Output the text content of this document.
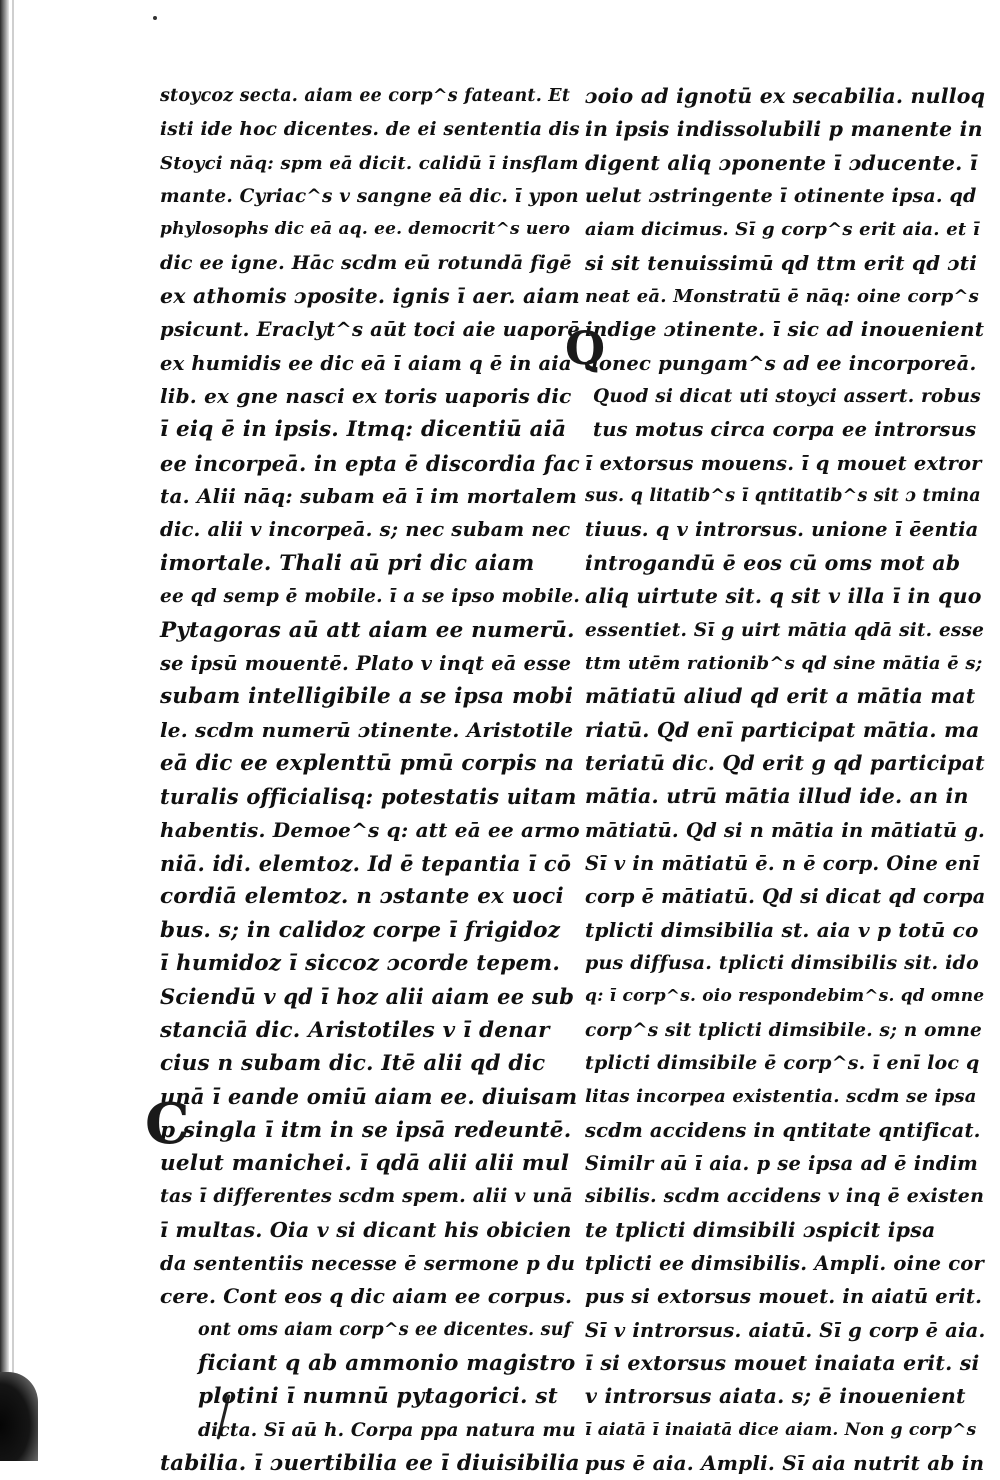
stoycoz secta. aiam ee corp^s fateant. Et
isti ide hoc dicentes. de ei sententia dis
Stoyci nāq: spm eā dicit. calidū ī insflam
mante. Cyriac^s v sangne eā dic. ī ypon
phylosophs dic eā aq. ee. democrit^s uero
dic ee igne. Hāc scdm eū rotundā figē
ex athomis ɔposite. ignis ī aer. aiam
psicunt. Eraclyt^s aūt toci aie uaporē
ex humidis ee dic eā ī aiam q ē in aia
lib. ex gne nasci ex toris uaporis dic
ī eiq ē in ipsis. Itmq: dicentiū aiā
ee incorpeā. in epta ē discordia fac
ta. Alii nāq: subam eā ī im mortalem
dic. alii v incorpeā. s; nec subam nec
imortale. Thali aū pri dic aiam
ee qd semp ē mobile. ī a se ipso mobile.
Pytagoras aū att aiam ee numerū.
se ipsū mouentē. Plato v inqt eā esse
subam intelligibile a se ipsa mobi
le. scdm numerū ɔtinente. Aristotile
eā dic ee explenttū pmū corpis na
turalis officialisq: potestatis uitam
habentis. Demoe^s q: att eā ee armo
niā. idi. elemtoz. Id ē tepantia ī cō
cordiā elemtoz. n ɔstante ex uoci
bus. s; in calidoz corpe ī frigidoz
ī humidoz ī siccoz ɔcorde tepem.
Sciendū v qd ī hoz alii aiam ee sub
stanciā dic. Aristotiles v ī denar
cius n subam dic. Itē alii qd dic
unā ī eande omiū aiam ee. diuisam
p singla ī itm in se ipsā redeuntē.
uelut manichei. ī qdā alii alii mul
tas ī differentes scdm spem. alii v unā
ī multas. Oia v si dicant his obicien
da sententiis necesse ē sermone p du
cere. Cont eos q dic aiam ee corpus.
ont oms aiam corp^s ee dicentes. suf
ficiant q ab ammonio magistro
plotini ī numnū pytagorici. st
dicta. Sī aū h. Corpa ppa natura mu
tabilia. ī ɔuertibilia ee ī diuisibilia
ɔoio ad ignotū ex secabilia. nulloq
in ipsis indissolubili p manente in
digent aliq ɔponente ī ɔducente. ī
uelut ɔstringente ī otinente ipsa. qd
aiam dicimus. Sī g corp^s erit aia. et ī
si sit tenuissimū qd ttm erit qd ɔti
neat eā. Monstratū ē nāq: oine corp^s
indige ɔtinente. ī sic ad inouenient
donec pungam^s ad ee incorporeā.
Quod si dicat uti stoyci assert. robus
tus motus circa corpa ee introrsus
ī extorsus mouens. ī q mouet extror
sus. q litatib^s ī qntitatib^s sit ɔ tmina
tiuus. q v introrsus. unione ī ēentia
introgandū ē eos cū oms mot ab
aliq uirtute sit. q sit v illa ī in quo
essentiet. Sī g uirt mātia qdā sit. esse
ttm utēm rationib^s qd sine mātia ē s;
mātiatū aliud qd erit a mātia mat
riatū. Qd enī participat mātia. ma
teriatū dic. Qd erit g qd participat
mātia. utrū mātia illud ide. an in
mātiatū. Qd si n mātia in mātiatū g.
Sī v in mātiatū ē. n ē corp. Oine enī
corp ē mātiatū. Qd si dicat qd corpa
tplicti dimsibilia st. aia v p totū co
pus diffusa. tplicti dimsibilis sit. ido
q: ī corp^s. oio respondebim^s. qd omne
corp^s sit tplicti dimsibile. s; n omne
tplicti dimsibile ē corp^s. ī enī loc q
litas incorpea existentia. scdm se ipsa
scdm accidens in qntitate qntificat.
Similr aū ī aia. p se ipsa ad ē indim
sibilis. scdm accidens v inq ē existen
te tplicti dimsibili ɔspicit ipsa
tplicti ee dimsibilis. Ampli. oine cor
pus si extorsus mouet. in aiatū erit.
Sī v introrsus. aiatū. Sī g corp ē aia.
ī si extorsus mouet inaiata erit. si
v introrsus aiata. s; ē inouenient
ī aiatā ī inaiatā dice aiam. Non g corp^s
pus ē aia. Ampli. Sī aia nutrit ab in
C
Q
